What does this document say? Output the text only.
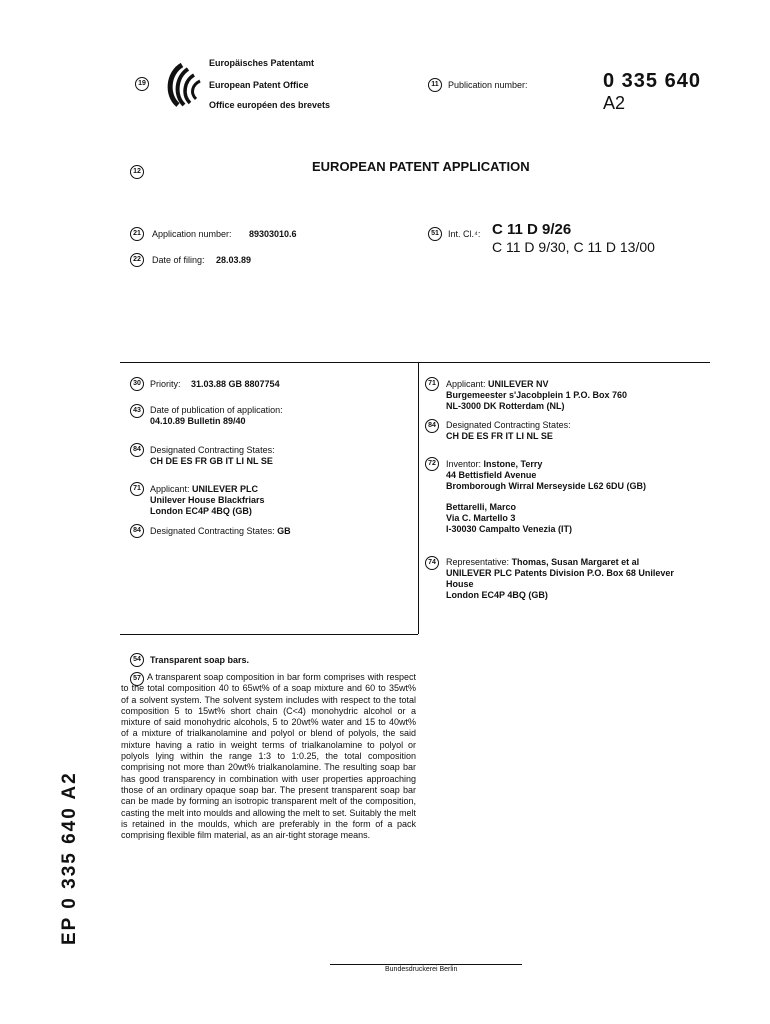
19
Europäisches Patentamt
European Patent Office
Office européen des brevets
11	Publication number:	0 335 640
A2
12	EUROPEAN PATENT APPLICATION
21	Application number: 89303010.6
22	Date of filing: 28.03.89
51	Int. Cl.⁴: C 11 D 9/26
C 11 D 9/30, C 11 D 13/00
30	Priority: 31.03.88 GB 8807754
43	Date of publication of application:
04.10.89 Bulletin 89/40
84	Designated Contracting States:
CH DE ES FR GB IT LI NL SE
71	Applicant: UNILEVER PLC
Unilever House Blackfriars
London EC4P 4BQ (GB)
84	Designated Contracting States: GB
71	Applicant: UNILEVER NV
Burgemeester s'Jacobplein 1 P.O. Box 760
NL-3000 DK Rotterdam (NL)
84	Designated Contracting States:
CH DE ES FR IT LI NL SE
72	Inventor: Instone, Terry
44 Bettisfield Avenue
Bromborough Wirral Merseyside L62 6DU (GB)
Bettarelli, Marco
Via C. Martello 3
I-30030 Campalto Venezia (IT)
74	Representative: Thomas, Susan Margaret et al
UNILEVER PLC Patents Division P.O. Box 68 Unilever
House
London EC4P 4BQ (GB)
54	Transparent soap bars.
57 A transparent soap composition in bar form comprises with respect to the total composition 40 to 65wt% of a soap mixture and 60 to 35wt% of a solvent system. The solvent system includes with respect to the total composition 5 to 15wt% short chain (C<4) monohydric alcohol or a mixture of said monohydric alcohols, 5 to 20wt% water and 15 to 40wt% of a mixture of trialkanolamine and polyol or blend of polyols, the said mixture having a ratio in weight terms of trialkanolamine to polyol or polyols lying within the range 1:3 to 1:0.25, the total composition comprising not more than 20wt% trialkanolamine. The resulting soap bar has good transparency in combination with user properties approaching those of an ordinary opaque soap bar. The present transparent soap bar can be made by forming an isotropic transparent melt of the composition, casting the melt into moulds and allowing the melt to set. Suitably the melt is retained in the moulds, which are preferably in the form of a pack comprising flexible film material, as an air-tight storage means.
EP 0 335 640 A2
Bundesdruckerei Berlin
